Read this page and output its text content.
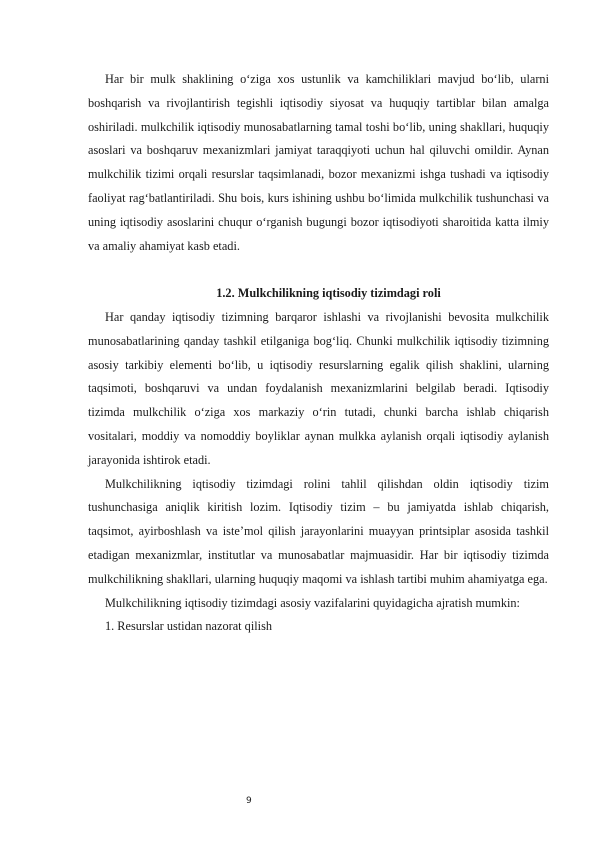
Har bir mulk shaklining o‘ziga xos ustunlik va kamchiliklari mavjud bo‘lib, ularni boshqarish va rivojlantirish tegishli iqtisodiy siyosat va huquqiy tartiblar bilan amalga oshiriladi. mulkchilik iqtisodiy munosabatlarning tamal toshi bo‘lib, uning shakllari, huquqiy asoslari va boshqaruv mexanizmlari jamiyat taraqqiyoti uchun hal qiluvchi omildir. Aynan mulkchilik tizimi orqali resurslar taqsimlanadi, bozor mexanizmi ishga tushadi va iqtisodiy faoliyat rag‘batlantiriladi. Shu bois, kurs ishining ushbu bo‘limida mulkchilik tushunchasi va uning iqtisodiy asoslarini chuqur o‘rganish bugungi bozor iqtisodiyoti sharoitida katta ilmiy va amaliy ahamiyat kasb etadi.

1.2. Mulkchilikning iqtisodiy tizimdagi roli

Har qanday iqtisodiy tizimning barqaror ishlashi va rivojlanishi bevosita mulkchilik munosabatlarining qanday tashkil etilganiga bog‘liq. Chunki mulkchilik iqtisodiy tizimning asosiy tarkibiy elementi bo‘lib, u iqtisodiy resurslarning egalik qilish shaklini, ularning taqsimoti, boshqaruvi va undan foydalanish mexanizmlarini belgilab beradi. Iqtisodiy tizimda mulkchilik o‘ziga xos markaziy o‘rin tutadi, chunki barcha ishlab chiqarish vositalari, moddiy va nomoddiy boyliklar aynan mulkka aylanish orqali iqtisodiy aylanish jarayonida ishtirok etadi.

Mulkchilikning iqtisodiy tizimdagi rolini tahlil qilishdan oldin iqtisodiy tizim tushunchasiga aniqlik kiritish lozim. Iqtisodiy tizim – bu jamiyatda ishlab chiqarish, taqsimot, ayirboshlash va iste’mol qilish jarayonlarini muayyan printsiplar asosida tashkil etadigan mexanizmlar, institutlar va munosabatlar majmuasidir. Har bir iqtisodiy tizimda mulkchilikning shakllari, ularning huquqiy maqomi va ishlash tartibi muhim ahamiyatga ega.

Mulkchilikning iqtisodiy tizimdagi asosiy vazifalarini quyidagicha ajratish mumkin:

1. Resurslar ustidan nazorat qilish

9
